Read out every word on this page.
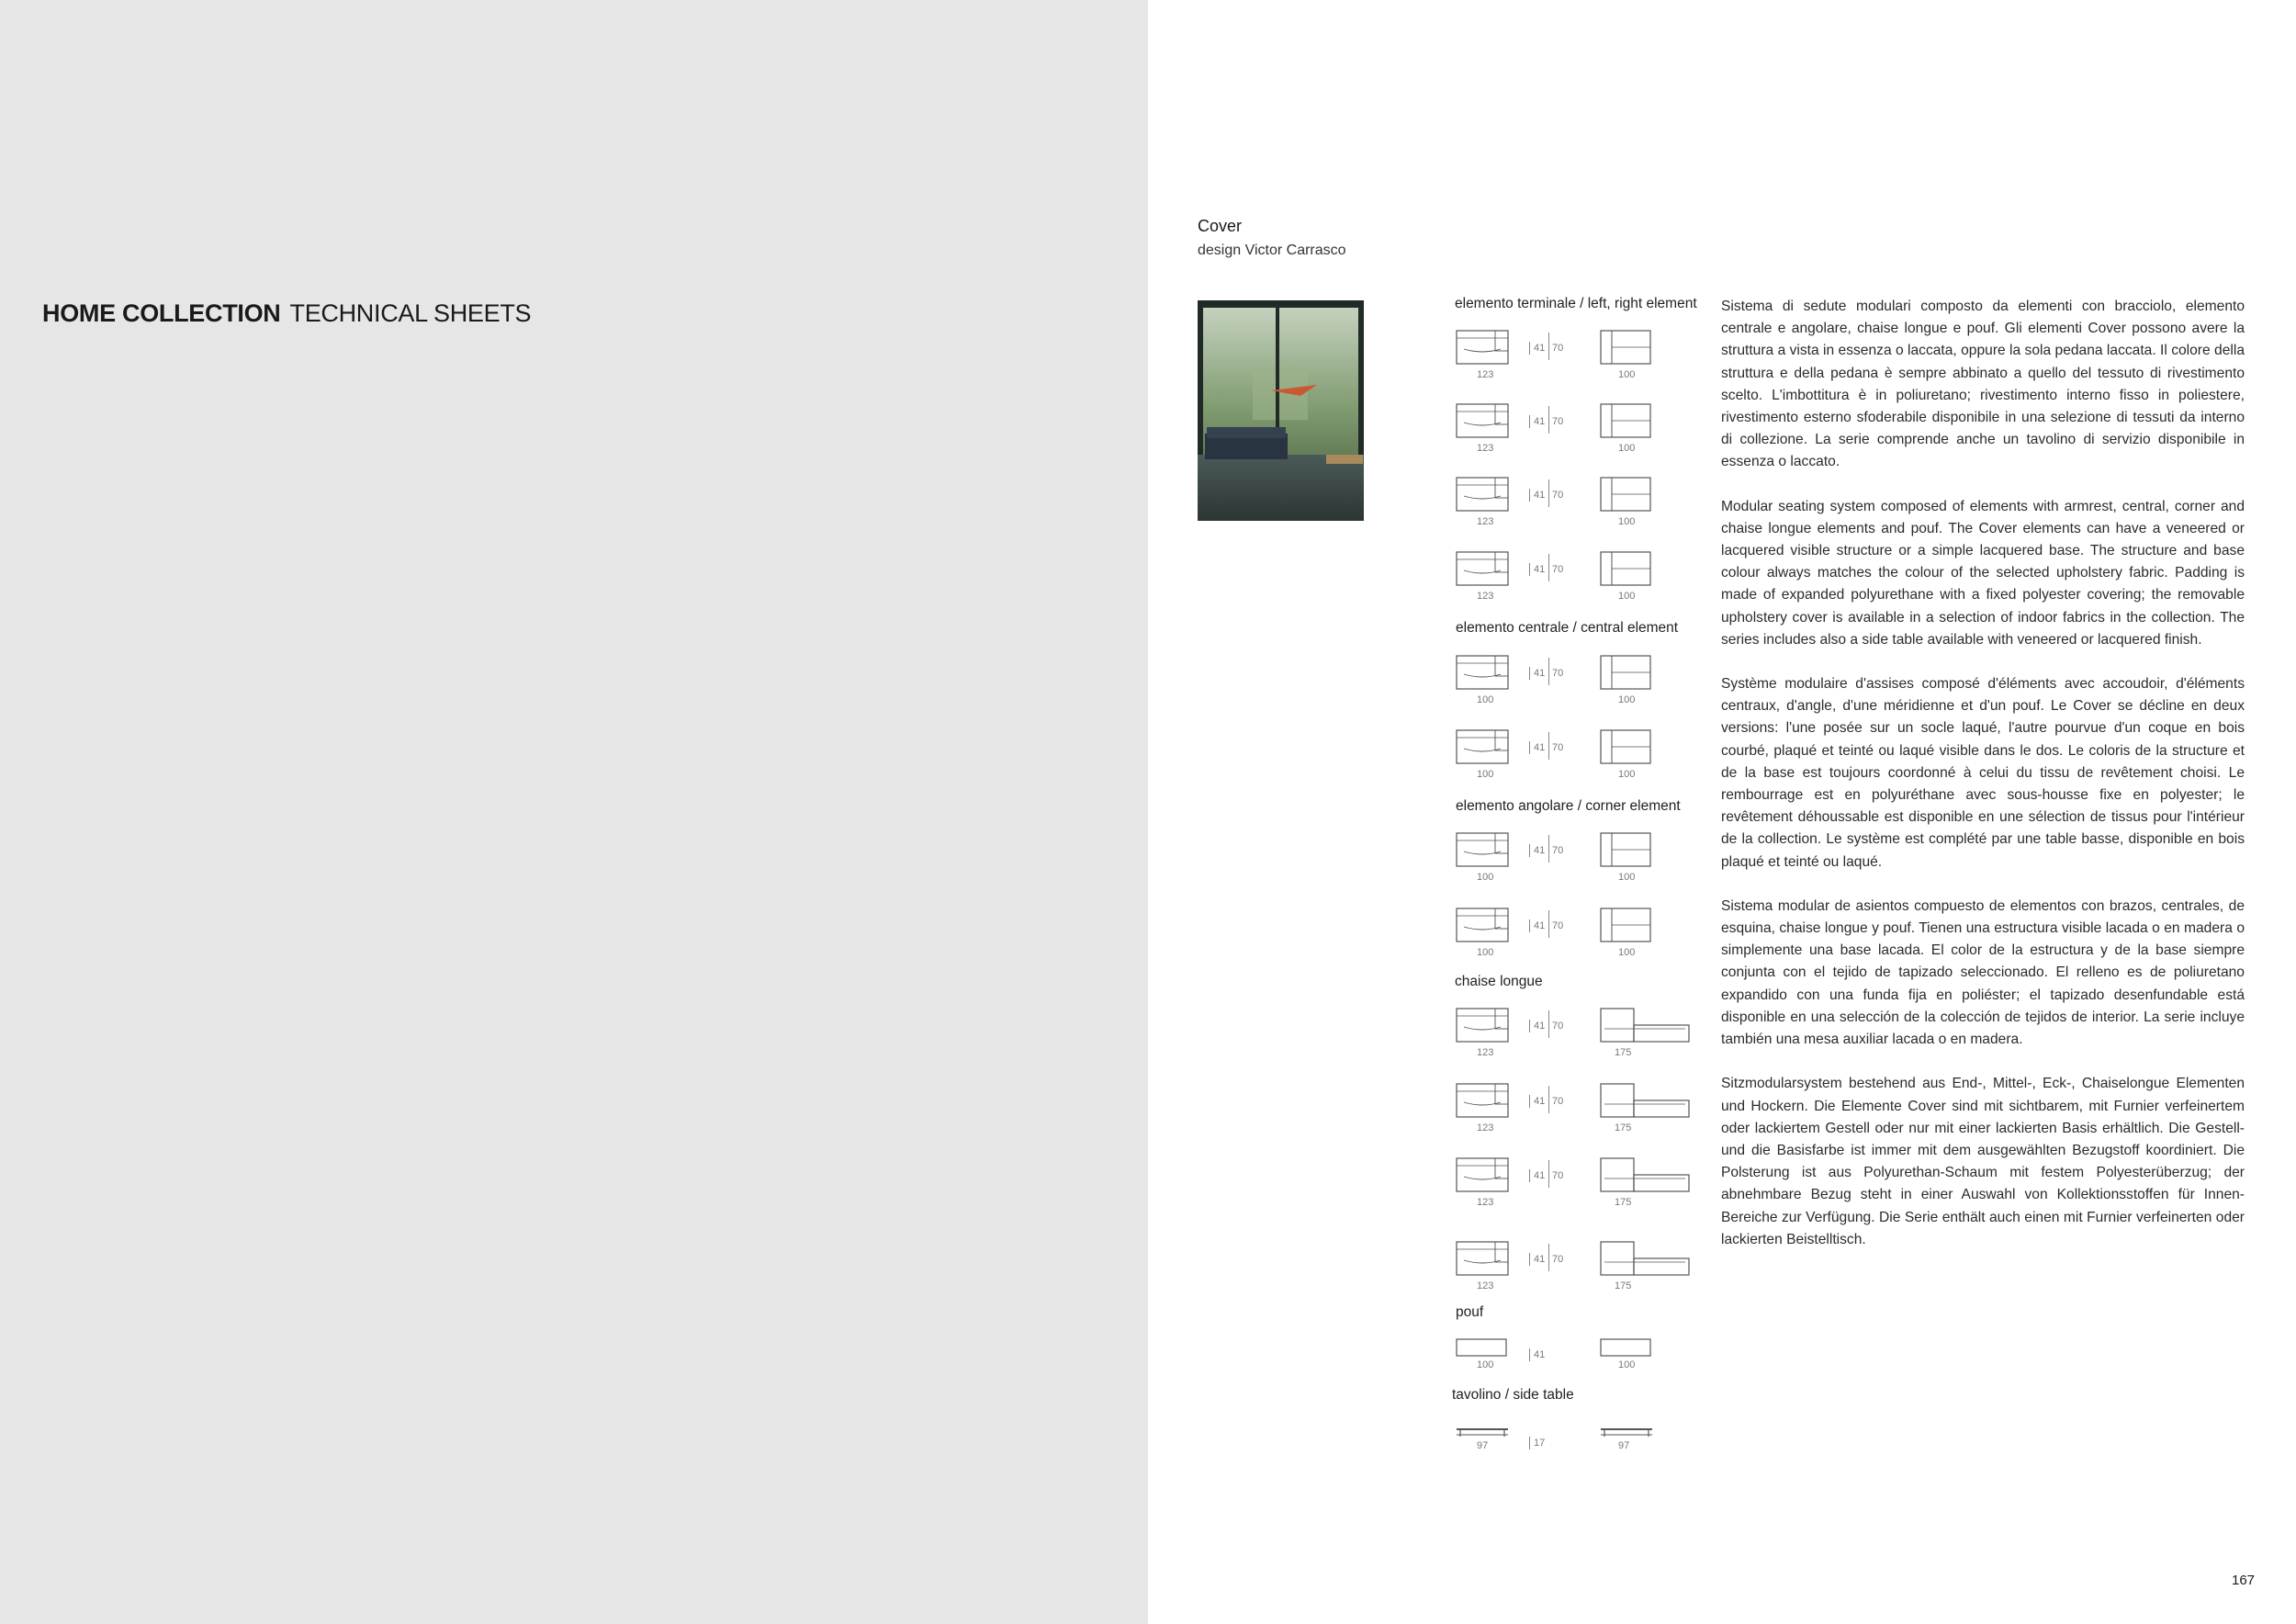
HOME COLLECTION TECHNICAL SHEETS
Cover
design Victor Carrasco
elemento terminale / left, right element
123
41 70
100
123
41 70
100
123
41 70
100
123
41 70
100
elemento centrale / central element
100
41 70
100
100
41 70
100
elemento angolare / corner element
100
41 70
100
100
41 70
100
chaise longue
123
41 70
175
123
41 70
175
123
41 70
175
123
41 70
175
pouf
100
41
100
tavolino / side table
97	17	97

Sistema di sedute modulari composto da elementi con bracciolo, elemento centrale e angolare, chaise longue e pouf. Gli elementi Cover possono avere la struttura a vista in essenza o laccata, oppure la sola pedana laccata. Il colore della struttura e della pedana è sempre abbinato a quello del tessuto di rivestimento scelto. L'imbottitura è in poliuretano; rivestimento interno fisso in poliestere, rivestimento esterno sfoderabile disponibile in una selezione di tessuti da interno di collezione. La serie comprende anche un tavolino di servizio disponibile in essenza o laccato.

Modular seating system composed of elements with armrest, central, corner and chaise longue elements and pouf. The Cover elements can have a veneered or lacquered visible structure or a simple lacquered base. The structure and base colour always matches the colour of the selected upholstery fabric. Padding is made of expanded polyurethane with a fixed polyester covering; the removable upholstery cover is available in a selection of indoor fabrics in the collection. The series includes also a side table available with veneered or lacquered finish.

Système modulaire d'assises composé d'éléments avec accoudoir, d'éléments centraux, d'angle, d'une méridienne et d'un pouf. Le Cover se décline en deux versions: l'une posée sur un socle laqué, l'autre pourvue d'un coque en bois courbé, plaqué et teinté ou laqué visible dans le dos. Le coloris de la structure et de la base est toujours coordonné à celui du tissu de revêtement choisi. Le rembourrage est en polyuréthane avec sous-housse fixe en polyester; le revêtement déhoussable est disponible en une sélection de tissus pour l'intérieur de la collection. Le système est complété par une table basse, disponible en bois plaqué et teinté ou laqué.

Sistema modular de asientos compuesto de elementos con brazos, centrales, de esquina, chaise longue y pouf. Tienen una estructura visible lacada o en madera o simplemente una base lacada. El color de la estructura y de la base siempre conjunta con el tejido de tapizado seleccionado. El relleno es de poliuretano expandido con una funda fija en poliéster; el tapizado desenfundable está disponible en una selección de la colección de tejidos de interior. La serie incluye también una mesa auxiliar lacada o en madera.

Sitzmodularsystem bestehend aus End-, Mittel-, Eck-, Chaiselongue Elementen und Hockern. Die Elemente Cover sind mit sichtbarem, mit Furnier verfeinertem oder lackiertem Gestell oder nur mit einer lackierten Basis erhältlich. Die Gestell- und die Basisfarbe ist immer mit dem ausgewählten Bezugstoff koordiniert. Die Polsterung ist aus Polyurethan-Schaum mit festem Polyesterüberzug; der abnehmbare Bezug steht in einer Auswahl von Kollektionsstoffen für Innen-Bereiche zur Verfügung. Die Serie enthält auch einen mit Furnier verfeinerten oder lackierten Beistelltisch.

167
